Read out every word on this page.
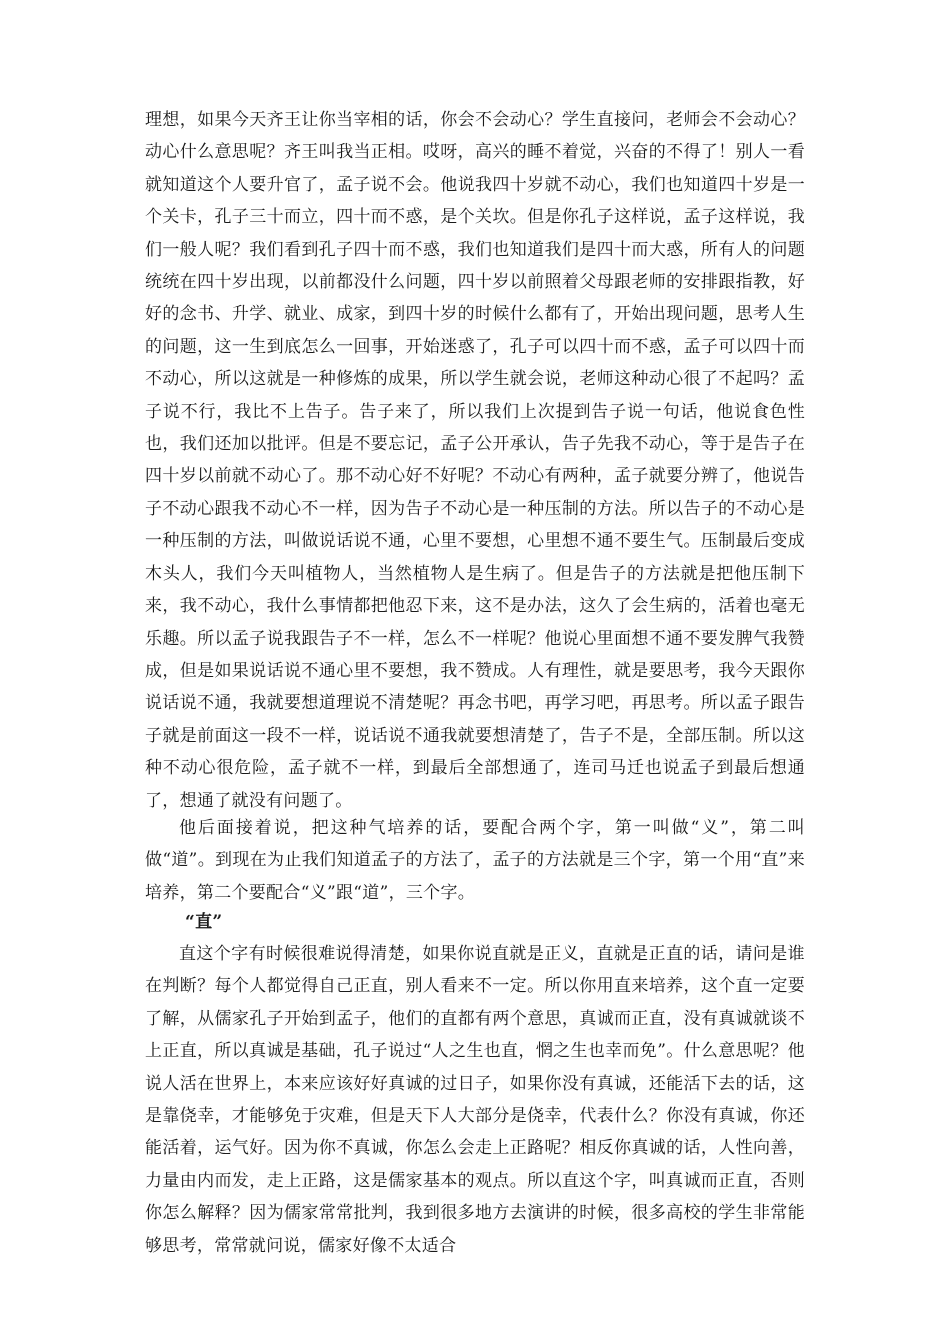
理想，如果今天齐王让你当宰相的话，你会不会动心？学生直接问，老师会不会动心？动心什么意思呢？齐王叫我当正相。哎呀，高兴的睡不着觉，兴奋的不得了！别人一看就知道这个人要升官了，孟子说不会。他说我四十岁就不动心，我们也知道四十岁是一个关卡，孔子三十而立，四十而不惑，是个关坎。但是你孔子这样说，孟子这样说，我们一般人呢？我们看到孔子四十而不惑，我们也知道我们是四十而大惑，所有人的问题统统在四十岁出现，以前都没什么问题，四十岁以前照着父母跟老师的安排跟指教，好好的念书、升学、就业、成家，到四十岁的时候什么都有了，开始出现问题，思考人生的问题，这一生到底怎么一回事，开始迷惑了，孔子可以四十而不惑，孟子可以四十而不动心，所以这就是一种修炼的成果，所以学生就会说，老师这种动心很了不起吗？孟子说不行，我比不上告子。告子来了，所以我们上次提到告子说一句话，他说食色性也，我们还加以批评。但是不要忘记，孟子公开承认，告子先我不动心，等于是告子在四十岁以前就不动心了。那不动心好不好呢？不动心有两种，孟子就要分辨了，他说告子不动心跟我不动心不一样，因为告子不动心是一种压制的方法。所以告子的不动心是一种压制的方法，叫做说话说不通，心里不要想，心里想不通不要生气。压制最后变成木头人，我们今天叫植物人，当然植物人是生病了。但是告子的方法就是把他压制下来，我不动心，我什么事情都把他忍下来，这不是办法，这久了会生病的，活着也毫无乐趣。所以孟子说我跟告子不一样，怎么不一样呢？他说心里面想不通不要发脾气我赞成，但是如果说话说不通心里不要想，我不赞成。人有理性，就是要思考，我今天跟你说话说不通，我就要想道理说不清楚呢？再念书吧，再学习吧，再思考。所以孟子跟告子就是前面这一段不一样，说话说不通我就要想清楚了，告子不是，全部压制。所以这种不动心很危险，孟子就不一样，到最后全部想通了，连司马迁也说孟子到最后想通了，想通了就没有问题了。

他后面接着说，把这种气培养的话，要配合两个字，第一叫做“义”，第二叫做“道”。到现在为止我们知道孟子的方法了，孟子的方法就是三个字，第一个用“直”来培养，第二个要配合“义”跟“道”，三个字。

“直”

直这个字有时候很难说得清楚，如果你说直就是正义，直就是正直的话，请问是谁在判断？每个人都觉得自己正直，别人看来不一定。所以你用直来培养，这个直一定要了解，从儒家孔子开始到孟子，他们的直都有两个意思，真诚而正直，没有真诚就谈不上正直，所以真诚是基础，孔子说过“人之生也直，惘之生也幸而免”。什么意思呢？他说人活在世界上，本来应该好好真诚的过日子，如果你没有真诚，还能活下去的话，这是靠侥幸，才能够免于灾难，但是天下人大部分是侥幸，代表什么？你没有真诚，你还能活着，运气好。因为你不真诚，你怎么会走上正路呢？相反你真诚的话，人性向善，力量由内而发，走上正路，这是儒家基本的观点。所以直这个字，叫真诚而正直，否则你怎么解释？因为儒家常常批判，我到很多地方去演讲的时候，很多高校的学生非常能够思考，常常就问说，儒家好像不太适合
